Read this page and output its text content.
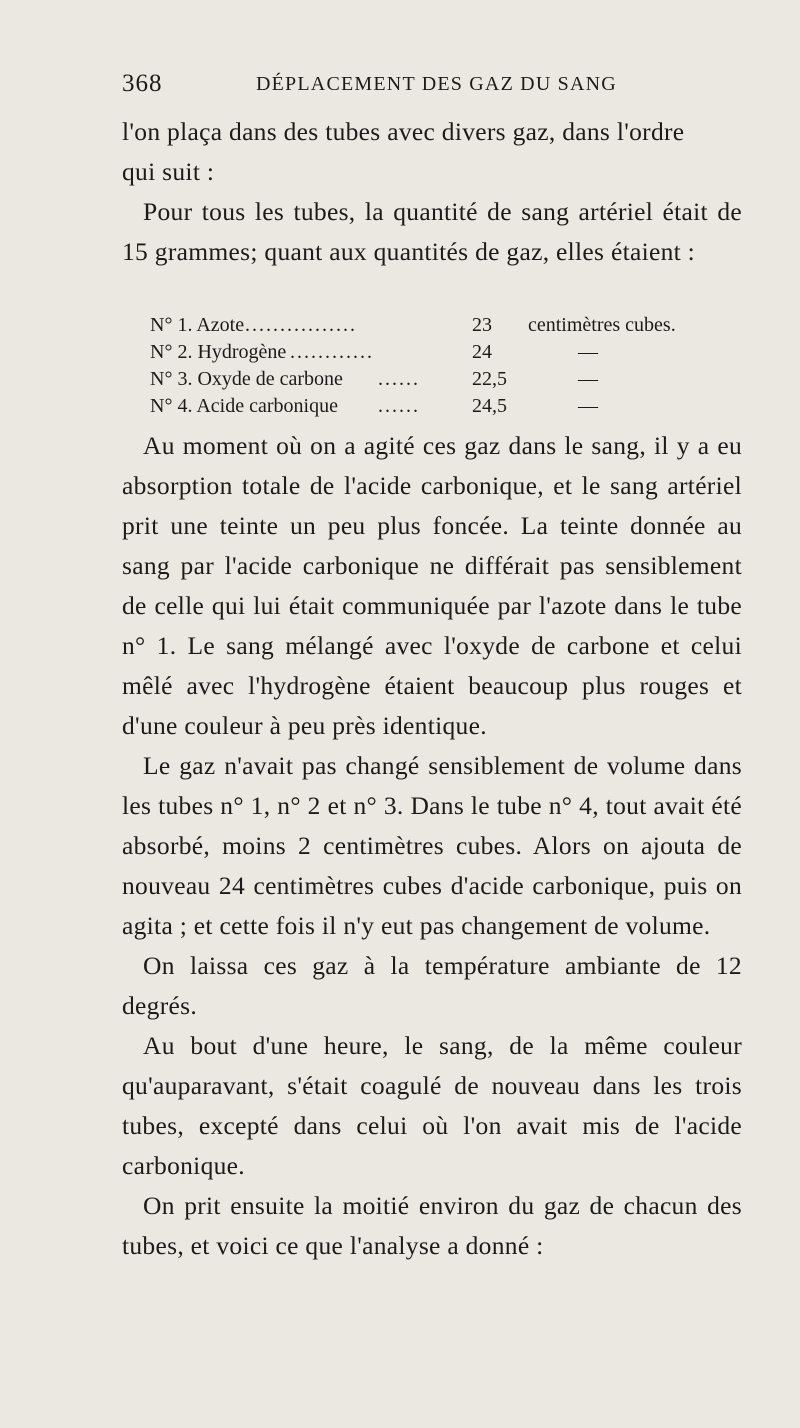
368	DÉPLACEMENT DES GAZ DU SANG

l'on plaça dans des tubes avec divers gaz, dans l'ordre

qui suit :

Pour tous les tubes, la quantité de sang artériel était de 15 grammes; quant aux quantités de gaz, elles étaient :

N° 1. Azote ................	23 centimètres cubes.
N° 2. Hydrogène ............	24	—
N° 3. Oxyde de carbone ......	22,5	—
N° 4. Acide carbonique ......	24,5	—

Au moment où on a agité ces gaz dans le sang, il y a eu absorption totale de l'acide carbonique, et le sang artériel prit une teinte un peu plus foncée. La teinte donnée au sang par l'acide carbonique ne différait pas sensiblement de celle qui lui était communiquée par l'azote dans le tube n° 1. Le sang mélangé avec l'oxyde de carbone et celui mêlé avec l'hydrogène étaient beaucoup plus rouges et d'une couleur à peu près identique.

Le gaz n'avait pas changé sensiblement de volume dans les tubes n° 1, n° 2 et n° 3. Dans le tube n° 4, tout avait été absorbé, moins 2 centimètres cubes. Alors on ajouta de nouveau 24 centimètres cubes d'acide carbonique, puis on agita ; et cette fois il n'y eut pas changement de volume.

On laissa ces gaz à la température ambiante de 12 degrés.

Au bout d'une heure, le sang, de la même couleur qu'auparavant, s'était coagulé de nouveau dans les trois tubes, excepté dans celui où l'on avait mis de l'acide carbonique.

On prit ensuite la moitié environ du gaz de chacun des tubes, et voici ce que l'analyse a donné :
